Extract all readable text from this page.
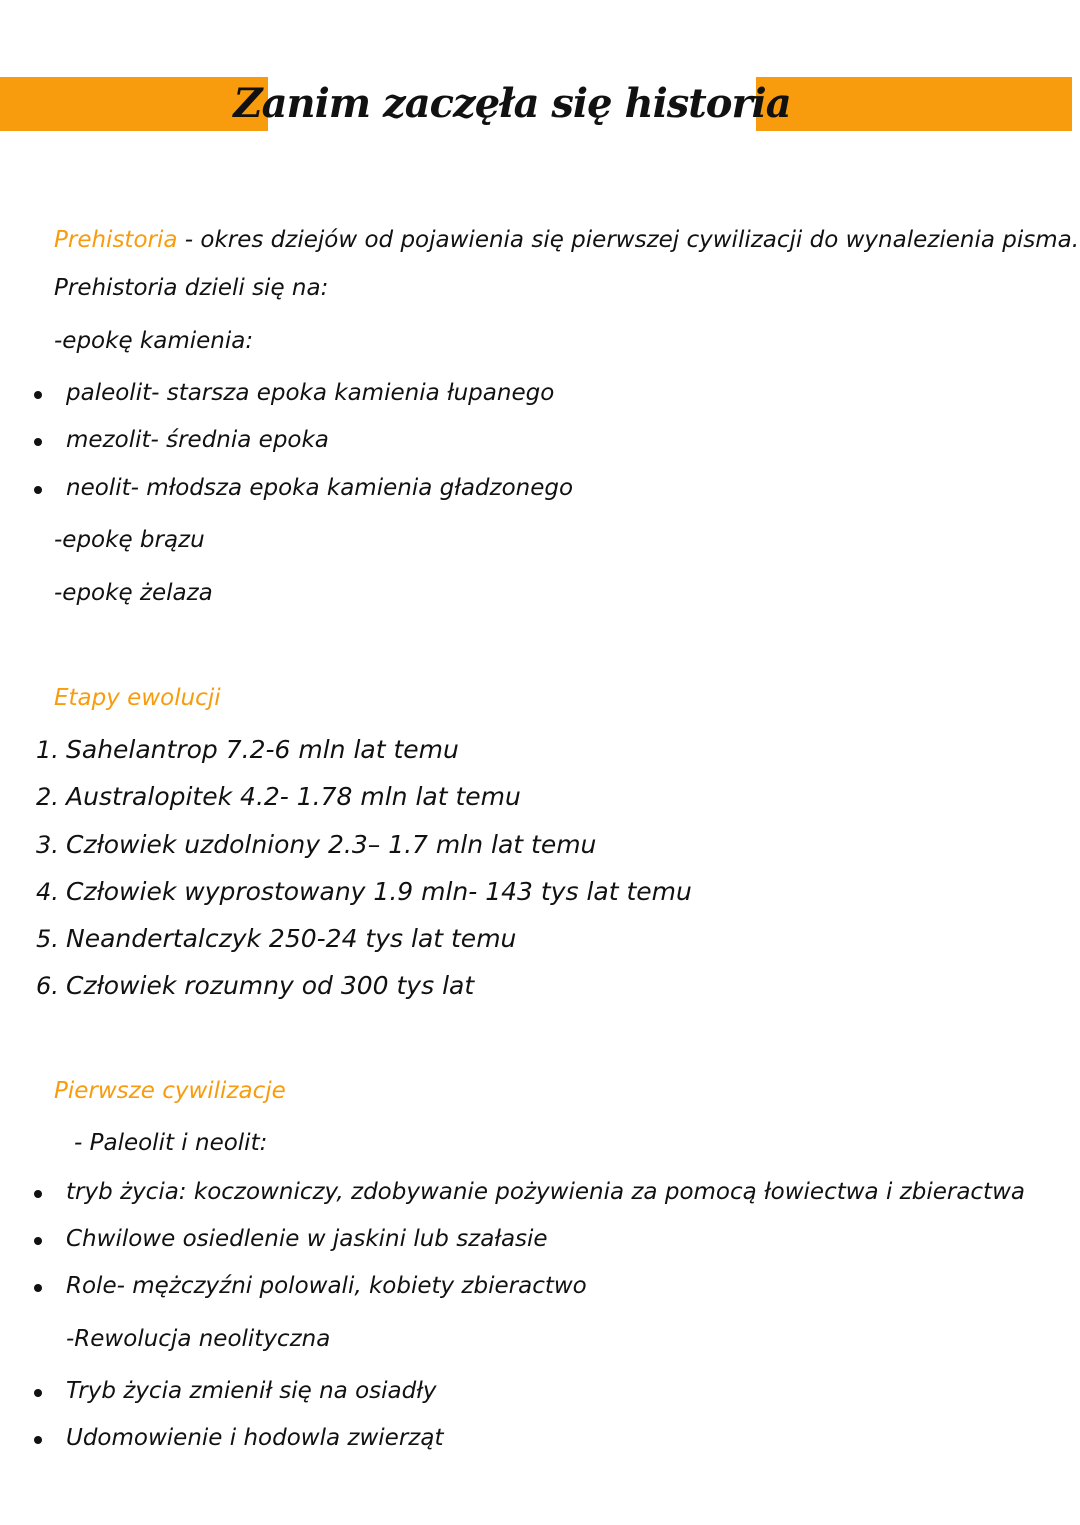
Zanim zaczęła się historia
Prehistoria - okres dziejów od pojawienia się pierwszej cywilizacji do wynalezienia pisma.
Prehistoria dzieli się na:
-epokę kamienia:
paleolit- starsza epoka kamienia łupanego
mezolit- średnia epoka
neolit- młodsza epoka kamienia gładzonego
-epokę brązu
-epokę żelaza
Etapy ewolucji
1. Sahelantrop 7.2-6 mln lat temu
2. Australopitek 4.2- 1.78 mln lat temu
3. Człowiek uzdolniony 2.3– 1.7 mln lat temu
4. Człowiek wyprostowany 1.9 mln- 143 tys lat temu
5. Neandertalczyk 250-24 tys lat temu
6. Człowiek rozumny od 300 tys lat
Pierwsze cywilizacje
- Paleolit i neolit:
tryb życia: koczowniczy, zdobywanie pożywienia za pomocą łowiectwa i zbieractwa
Chwilowe osiedlenie w jaskini lub szałasie
Role- mężczyźni polowali, kobiety zbieractwo
-Rewolucja neolityczna
Tryb życia zmienił się na osiadły
Udomowienie i hodowla zwierząt
